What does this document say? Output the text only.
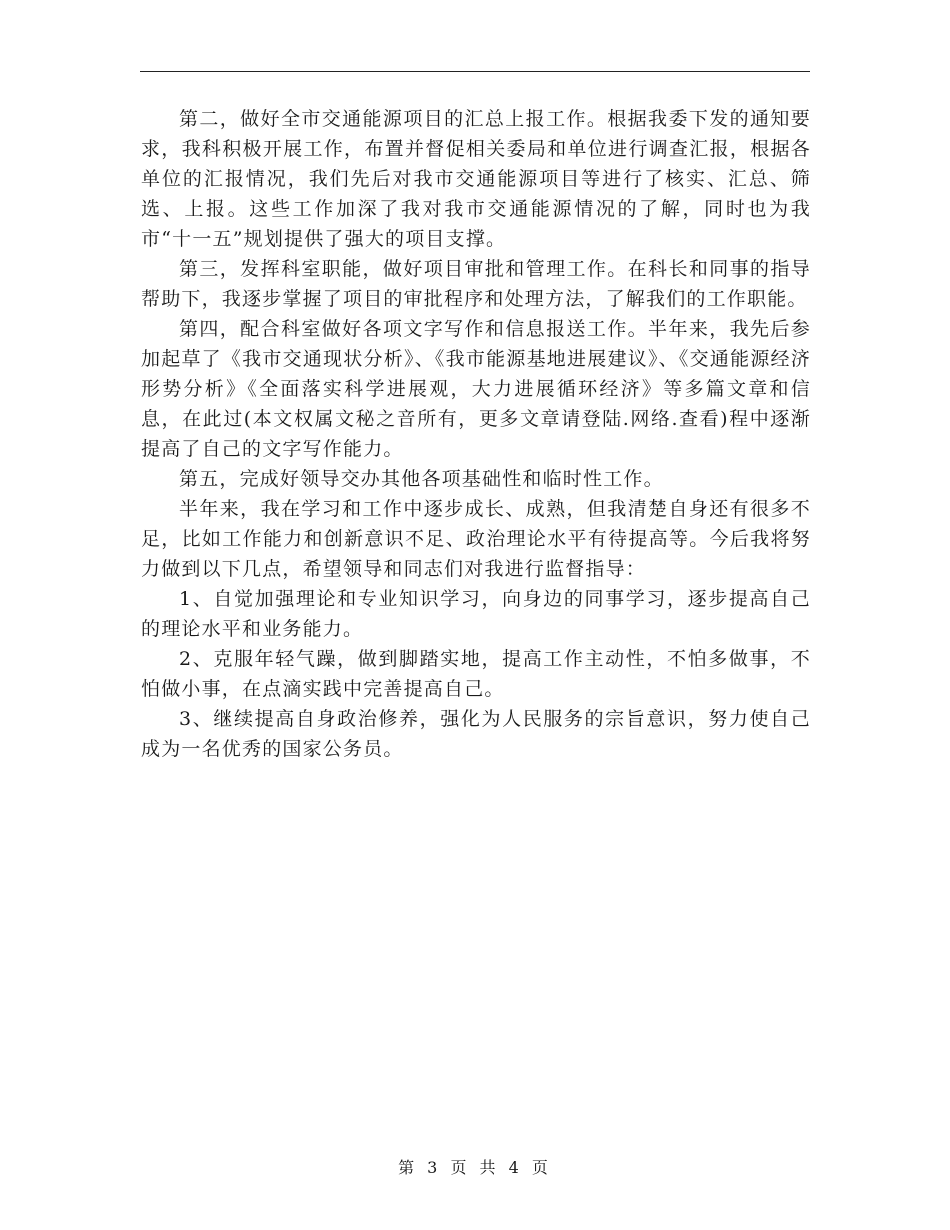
第二，做好全市交通能源项目的汇总上报工作。根据我委下发的通知要求，我科积极开展工作，布置并督促相关委局和单位进行调查汇报，根据各单位的汇报情况，我们先后对我市交通能源项目等进行了核实、汇总、筛选、上报。这些工作加深了我对我市交通能源情况的了解，同时也为我市“十一五”规划提供了强大的项目支撑。

第三，发挥科室职能，做好项目审批和管理工作。在科长和同事的指导帮助下，我逐步掌握了项目的审批程序和处理方法，了解我们的工作职能。

第四，配合科室做好各项文字写作和信息报送工作。半年来，我先后参加起草了《我市交通现状分析》、《我市能源基地进展建议》、《交通能源经济形势分析》《全面落实科学进展观，大力进展循环经济》等多篇文章和信息，在此过(本文权属文秘之音所有，更多文章请登陆.网络.查看)程中逐渐提高了自己的文字写作能力。

第五，完成好领导交办其他各项基础性和临时性工作。

半年来，我在学习和工作中逐步成长、成熟，但我清楚自身还有很多不足，比如工作能力和创新意识不足、政治理论水平有待提高等。今后我将努力做到以下几点，希望领导和同志们对我进行监督指导：

1、自觉加强理论和专业知识学习，向身边的同事学习，逐步提高自己的理论水平和业务能力。

2、克服年轻气躁，做到脚踏实地，提高工作主动性，不怕多做事，不怕做小事，在点滴实践中完善提高自己。

3、继续提高自身政治修养，强化为人民服务的宗旨意识，努力使自己成为一名优秀的国家公务员。

第 3 页 共 4 页
